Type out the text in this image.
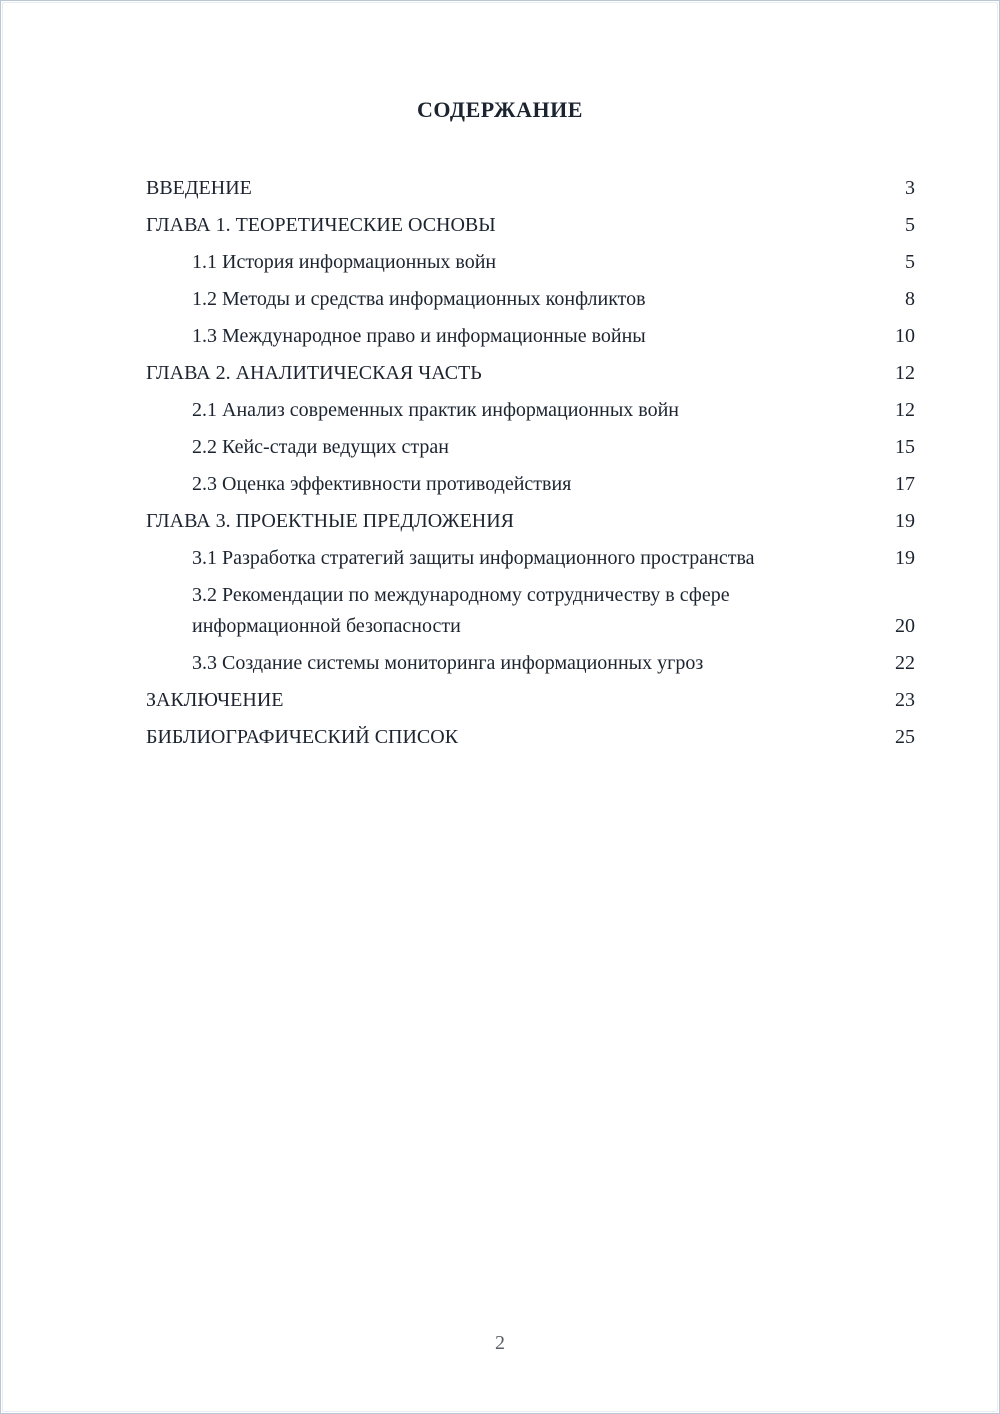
СОДЕРЖАНИЕ
ВВЕДЕНИЕ	3
ГЛАВА 1. ТЕОРЕТИЧЕСКИЕ ОСНОВЫ	5
1.1 История информационных войн	5
1.2 Методы и средства информационных конфликтов	8
1.3 Международное право и информационные войны	10
ГЛАВА 2. АНАЛИТИЧЕСКАЯ ЧАСТЬ	12
2.1 Анализ современных практик информационных войн	12
2.2 Кейс-стади ведущих стран	15
2.3 Оценка эффективности противодействия	17
ГЛАВА 3. ПРОЕКТНЫЕ ПРЕДЛОЖЕНИЯ	19
3.1 Разработка стратегий защиты информационного пространства	19
3.2 Рекомендации по международному сотрудничеству в сфере информационной безопасности	20
3.3 Создание системы мониторинга информационных угроз	22
ЗАКЛЮЧЕНИЕ	23
БИБЛИОГРАФИЧЕСКИЙ СПИСОК	25
2
